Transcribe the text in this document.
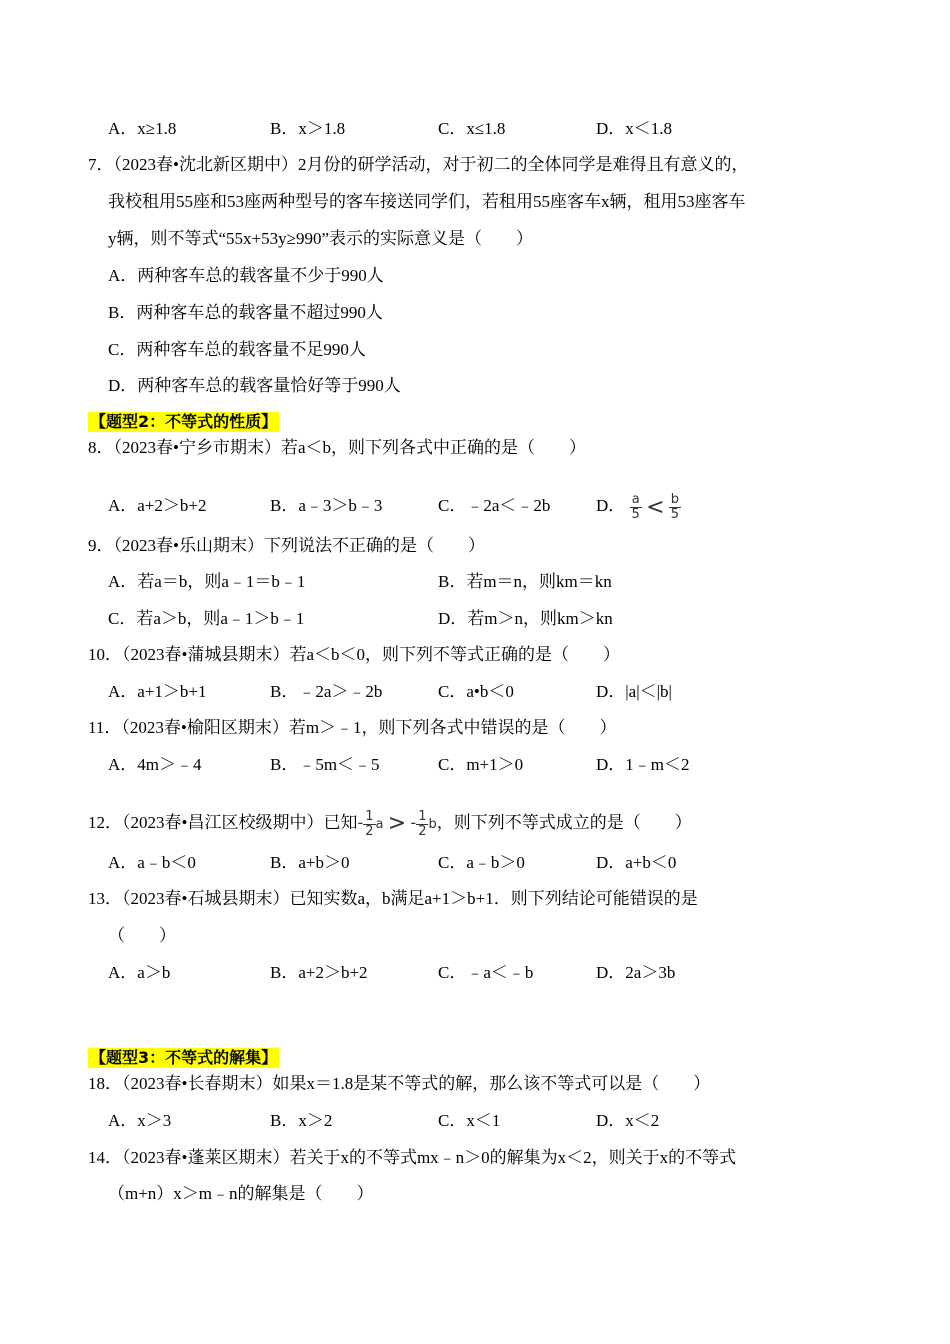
A．x≥1.8	B．x＞1.8	C．x≤1.8	D．x＜1.8
7．（2023春•沈北新区期中）2月份的研学活动，对于初二的全体同学是难得且有意义的，
我校租用55座和53座两种型号的客车接送同学们，若租用55座客车x辆，租用53座客车
y辆，则不等式“55x+53y≥990”表示的实际意义是（　　）
A．两种客车总的载客量不少于990人
B．两种客车总的载客量不超过990人
C．两种客车总的载客量不足990人
D．两种客车总的载客量恰好等于990人
【题型2：不等式的性质】
8．（2023春•宁乡市期末）若a＜b，则下列各式中正确的是（　　）
A．a+2＞b+2	B．a﹣3＞b﹣3	C．﹣2a＜﹣2b	D． $\frac{a}{5} < \frac{b}{5}$
9．（2023春•乐山期末）下列说法不正确的是（　　）
A．若a＝b，则a﹣1＝b﹣1	B．若m＝n，则km＝kn
C．若a＞b，则a﹣1＞b﹣1	D．若m＞n，则km＞kn
10．（2023春•蒲城县期末）若a＜b＜0，则下列不等式正确的是（　　）
A．a+1＞b+1	B．﹣2a＞﹣2b	C．a•b＜0	D．|a|＜|b|
11．（2023春•榆阳区期末）若m＞﹣1，则下列各式中错误的是（　　）
A．4m＞﹣4	B．﹣5m＜﹣5	C．m+1＞0	D．1﹣m＜2
12．（2023春•昌江区校级期中）已知- $\frac{1}{2}$ a > - $\frac{1}{2}$ b，则下列不等式成立的是（　　）
A．a﹣b＜0	B．a+b＞0	C．a﹣b＞0	D．a+b＜0
13．（2023春•石城县期末）已知实数a，b满足a+1＞b+1．则下列结论可能错误的是
（　　）
A．a＞b	B．a+2＞b+2	C．﹣a＜﹣b	D．2a＞3b
【题型3：不等式的解集】
18．（2023春•长春期末）如果x＝1.8是某不等式的解，那么该不等式可以是（　　）
A．x＞3	B．x＞2	C．x＜1	D．x＜2
14．（2023春•蓬莱区期末）若关于x的不等式mx﹣n＞0的解集为x＜2，则关于x的不等式
（m+n）x＞m﹣n的解集是（　　）
